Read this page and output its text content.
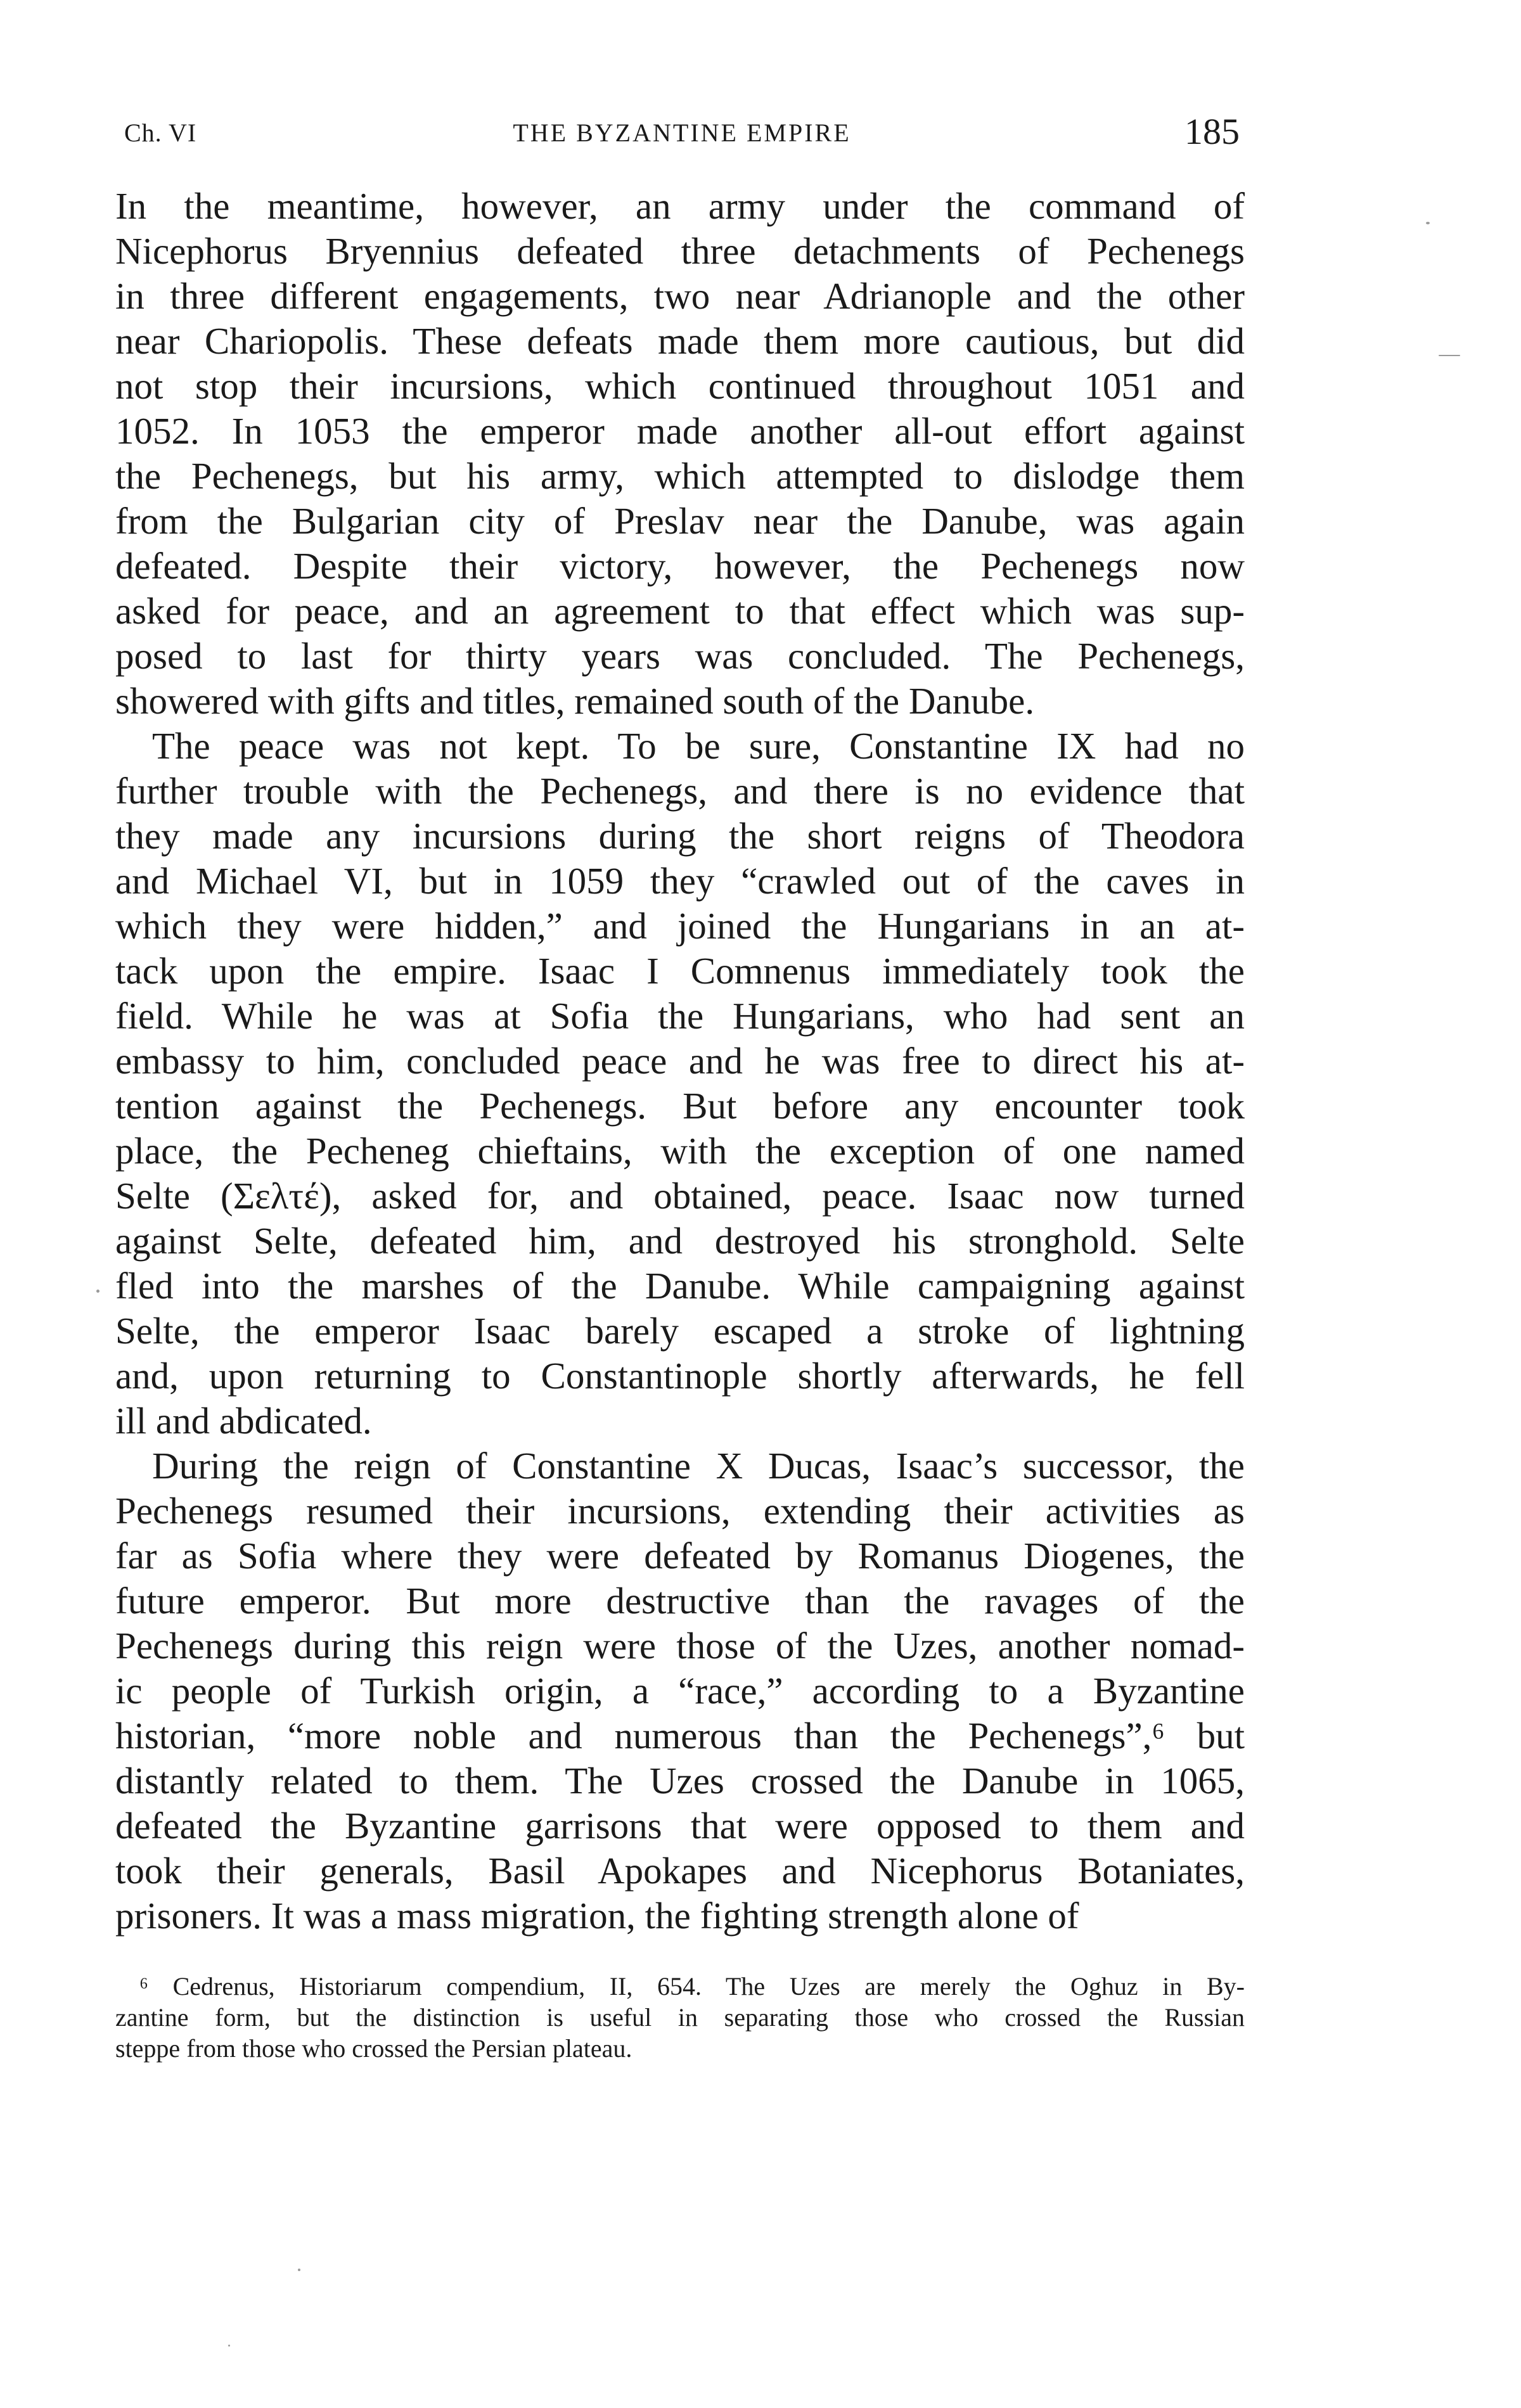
Ch. VI	THE BYZANTINE EMPIRE	185
In the meantime, however, an army under the command of
Nicephorus Bryennius defeated three detachments of Pechenegs
in three different engagements, two near Adrianople and the other
near Chariopolis. These defeats made them more cautious, but did
not stop their incursions, which continued throughout 1051 and
1052. In 1053 the emperor made another all-out effort against
the Pechenegs, but his army, which attempted to dislodge them
from the Bulgarian city of Preslav near the Danube, was again
defeated. Despite their victory, however, the Pechenegs now
asked for peace, and an agreement to that effect which was sup-
posed to last for thirty years was concluded. The Pechenegs,
showered with gifts and titles, remained south of the Danube.
The peace was not kept. To be sure, Constantine IX had no
further trouble with the Pechenegs, and there is no evidence that
they made any incursions during the short reigns of Theodora
and Michael VI, but in 1059 they “crawled out of the caves in
which they were hidden,” and joined the Hungarians in an at-
tack upon the empire. Isaac I Comnenus immediately took the
field. While he was at Sofia the Hungarians, who had sent an
embassy to him, concluded peace and he was free to direct his at-
tention against the Pechenegs. But before any encounter took
place, the Pecheneg chieftains, with the exception of one named
Selte (Σελτέ), asked for, and obtained, peace. Isaac now turned
against Selte, defeated him, and destroyed his stronghold. Selte
fled into the marshes of the Danube. While campaigning against
Selte, the emperor Isaac barely escaped a stroke of lightning
and, upon returning to Constantinople shortly afterwards, he fell
ill and abdicated.
During the reign of Constantine X Ducas, Isaac’s successor, the
Pechenegs resumed their incursions, extending their activities as
far as Sofia where they were defeated by Romanus Diogenes, the
future emperor. But more destructive than the ravages of the
Pechenegs during this reign were those of the Uzes, another nomad-
ic people of Turkish origin, a “race,” according to a Byzantine
historian, “more noble and numerous than the Pechenegs”,⁶ but
distantly related to them. The Uzes crossed the Danube in 1065,
defeated the Byzantine garrisons that were opposed to them and
took their generals, Basil Apokapes and Nicephorus Botaniates,
prisoners. It was a mass migration, the fighting strength alone of
⁶ Cedrenus, Historiarum compendium, II, 654. The Uzes are merely the Oghuz in By-
zantine form, but the distinction is useful in separating those who crossed the Russian
steppe from those who crossed the Persian plateau.
